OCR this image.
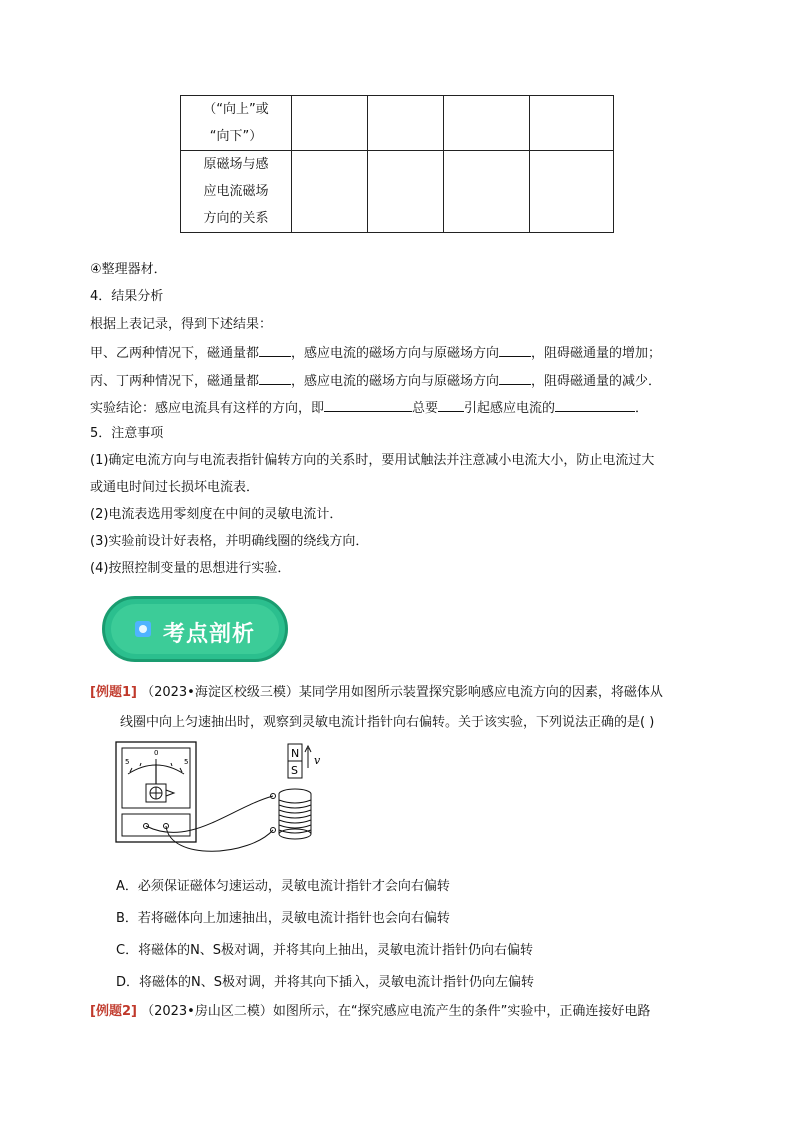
（“向上”或
“向下”）				

原磁场与感
应电流磁场
方向的关系				

④整理器材．
4．结果分析
根据上表记录，得到下述结果：
甲、乙两种情况下，磁通量都 ，感应电流的磁场方向与原磁场方向 ，阻碍磁通量的增加；
丙、丁两种情况下，磁通量都 ，感应电流的磁场方向与原磁场方向 ，阻碍磁通量的减少．
实验结论：感应电流具有这样的方向，即	总要 引起感应电流的	．
5．注意事项
(1)确定电流方向与电流表指针偏转方向的关系时，要用试触法并注意减小电流大小，防止电流过大
或通电时间过长损坏电流表．
(2)电流表选用零刻度在中间的灵敏电流计．
(3)实验前设计好表格，并明确线圈的绕线方向．
(4)按照控制变量的思想进行实验．
考点剖析
[例题1] （2023•海淀区校级三模）某同学用如图所示装置探究影响感应电流方向的因素，将磁体从
线圈中向上匀速抽出时，观察到灵敏电流计指针向右偏转。关于该实验，下列说法正确的是( )
5
0
5
N
S
v
A．必须保证磁体匀速运动，灵敏电流计指针才会向右偏转
B．若将磁体向上加速抽出，灵敏电流计指针也会向右偏转
C．将磁体的N、S极对调，并将其向上抽出，灵敏电流计指针仍向右偏转
D．将磁体的N、S极对调，并将其向下插入，灵敏电流计指针仍向左偏转
[例题2] （2023•房山区二模）如图所示，在“探究感应电流产生的条件”实验中，正确连接好电路
